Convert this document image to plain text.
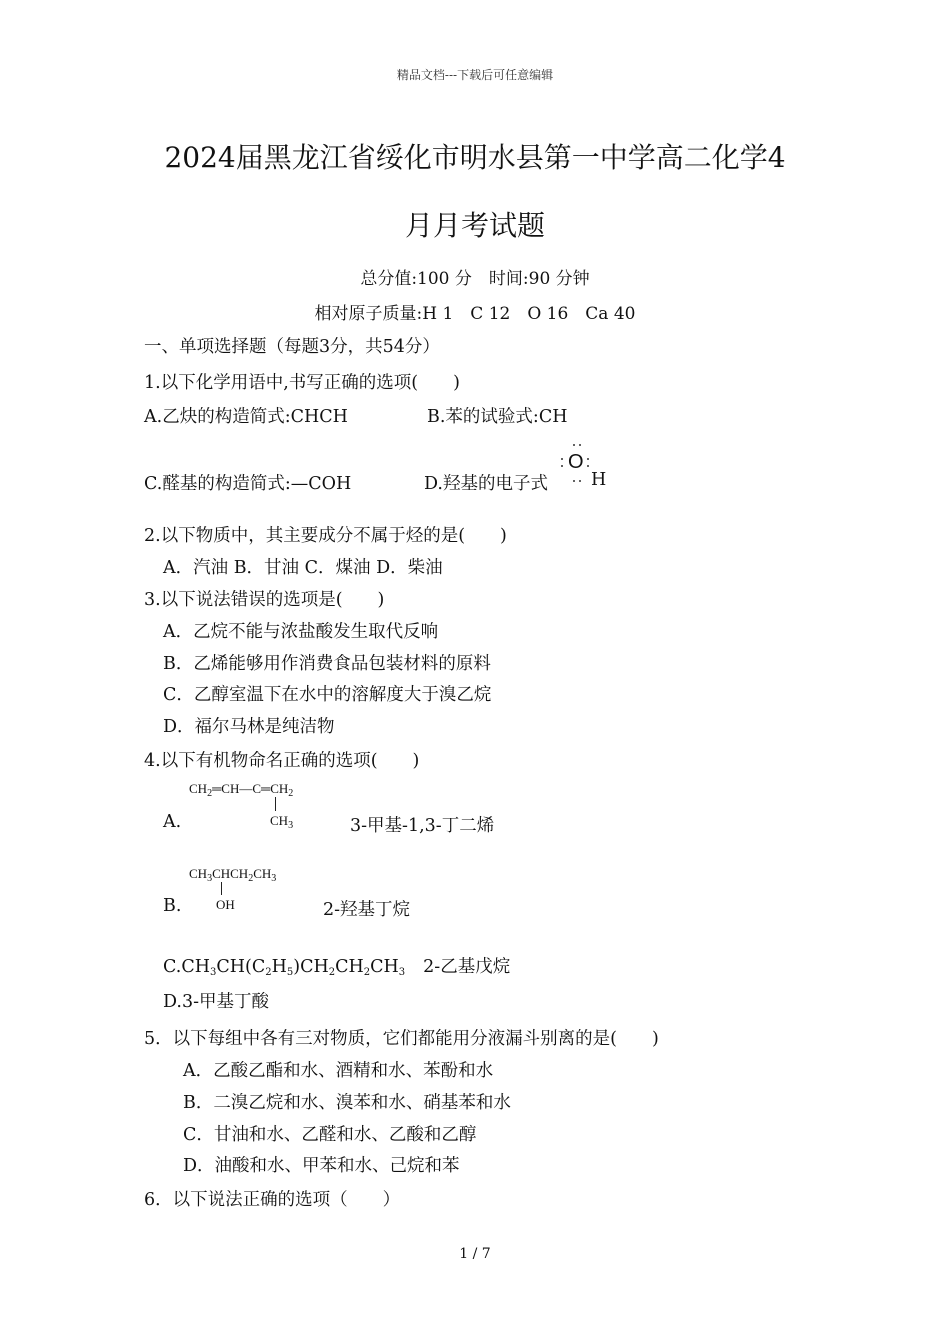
精品文档---下载后可任意编辑
2024届黑龙江省绥化市明水县第一中学高二化学4
月月考试题
总分值:100 分　时间:90 分钟
相对原子质量:H 1　C 12　O 16　Ca 40
一、单项选择题（每题3分，共54分）
1.以下化学用语中,书写正确的选项(　　)
A.乙炔的构造简式:CHCH	B.苯的试验式:CH
C.醛基的构造简式:—COH	D.羟基的电子式
O
H
2.以下物质中，其主要成分不属于烃的是(　　)
A．汽油 B．甘油 C．煤油 D．柴油
3.以下说法错误的选项是(　　)
A．乙烷不能与浓盐酸发生取代反响
B．乙烯能够用作消费食品包装材料的原料
C．乙醇室温下在水中的溶解度大于溴乙烷
D．福尔马林是纯洁物
4.以下有机物命名正确的选项(　　)
$CH_2═CH—C═CH_2$
$CH_3$
A.	3-甲基-1,3-丁二烯
$CH_3CHCH_2CH_3$
OH
B.	2-羟基丁烷
$C.CH_3CH(C_2H_5)CH_2CH_2CH_3$ 2-乙基戊烷
D.3-甲基丁酸
5．以下每组中各有三对物质，它们都能用分液漏斗别离的是(　　)
A．乙酸乙酯和水、酒精和水、苯酚和水
B．二溴乙烷和水、溴苯和水、硝基苯和水
C．甘油和水、乙醛和水、乙酸和乙醇
D．油酸和水、甲苯和水、己烷和苯
6．以下说法正确的选项（　　）
1 / 7
